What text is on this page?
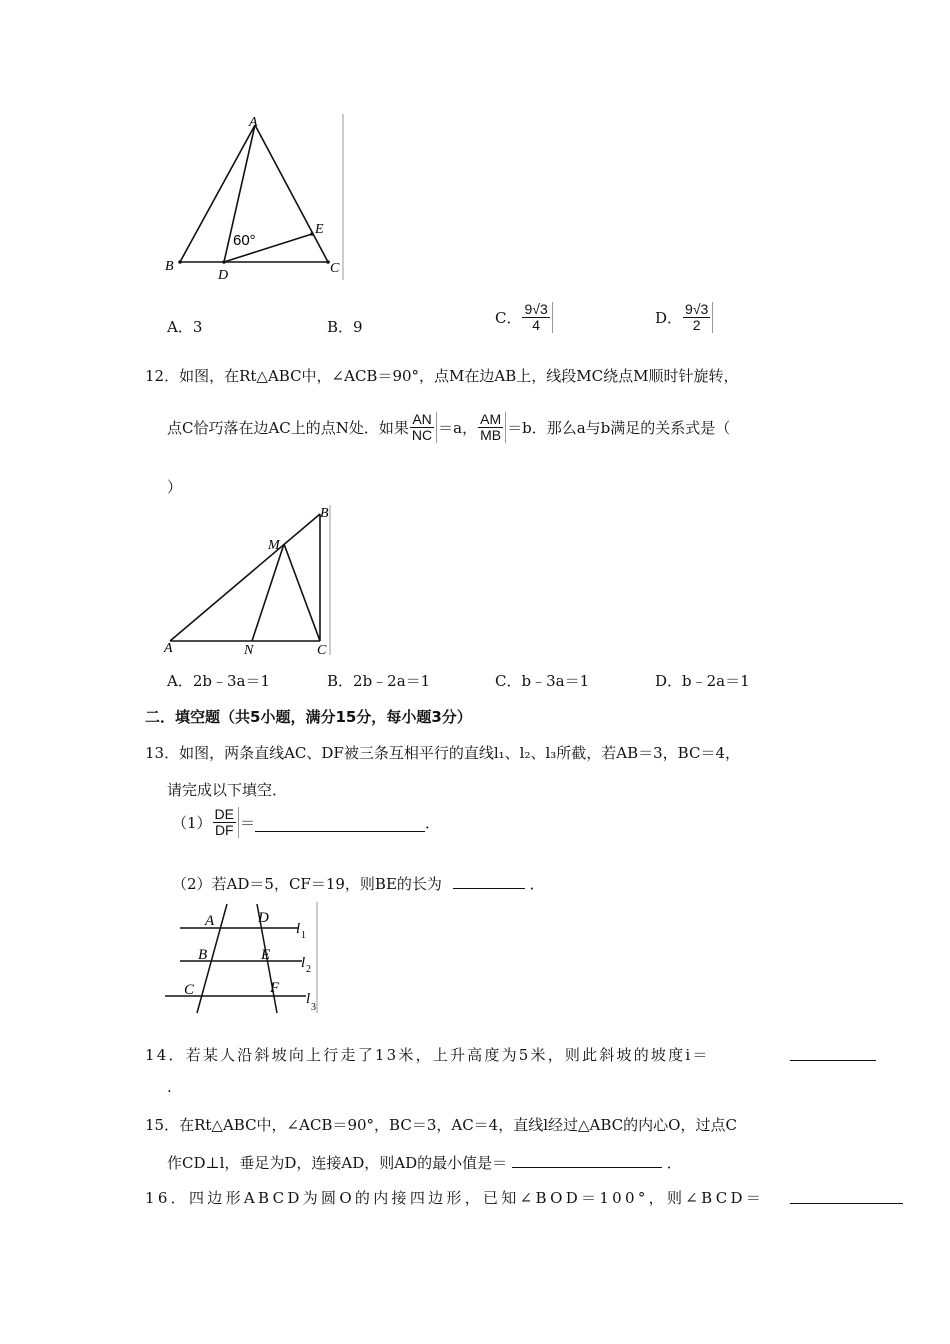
A
B
D	C
E
60°
A．3	B．9	C． $\frac{9√3}{4}$	D． $\frac{9√3}{2}$
12．如图，在Rt△ABC中，∠ACB＝90°，点M在边AB上，线段MC绕点M顺时针旋转，
点C恰巧落在边AC上的点N处．如果 $\frac{AN}{NC} =a$， $\frac{AM}{MB} =b$．那么a与b满足的关系式是（
）
A
B
C
M
N
A．2b﹣3a＝1	B．2b﹣2a＝1	C．b﹣3a＝1	D．b﹣2a＝1
二．填空题（共5小题，满分15分，每小题3分）
13．如图，两条直线AC、DF被三条互相平行的直线l₁、l₂、l₃所截，若AB＝3，BC＝4，
请完成以下填空．
$(1) \frac{DE}{DF}$ ＝	．
（2）若AD＝5，CF＝19，则BE的长为	．
A	D
B	E
C	F
l 1
l 2
l
3
14．若某人沿斜坡向上行走了13米，上升高度为5米，则此斜坡的坡度i＝
.
15．在Rt△ABC中，∠ACB＝90°，BC＝3，AC＝4，直线l经过△ABC的内心O，过点C
作CD⊥l，垂足为D，连接AD，则AD的最小值是＝	．
16．四边形ABCD为圆O的内接四边形，已知∠BOD＝100°，则∠BCD＝
